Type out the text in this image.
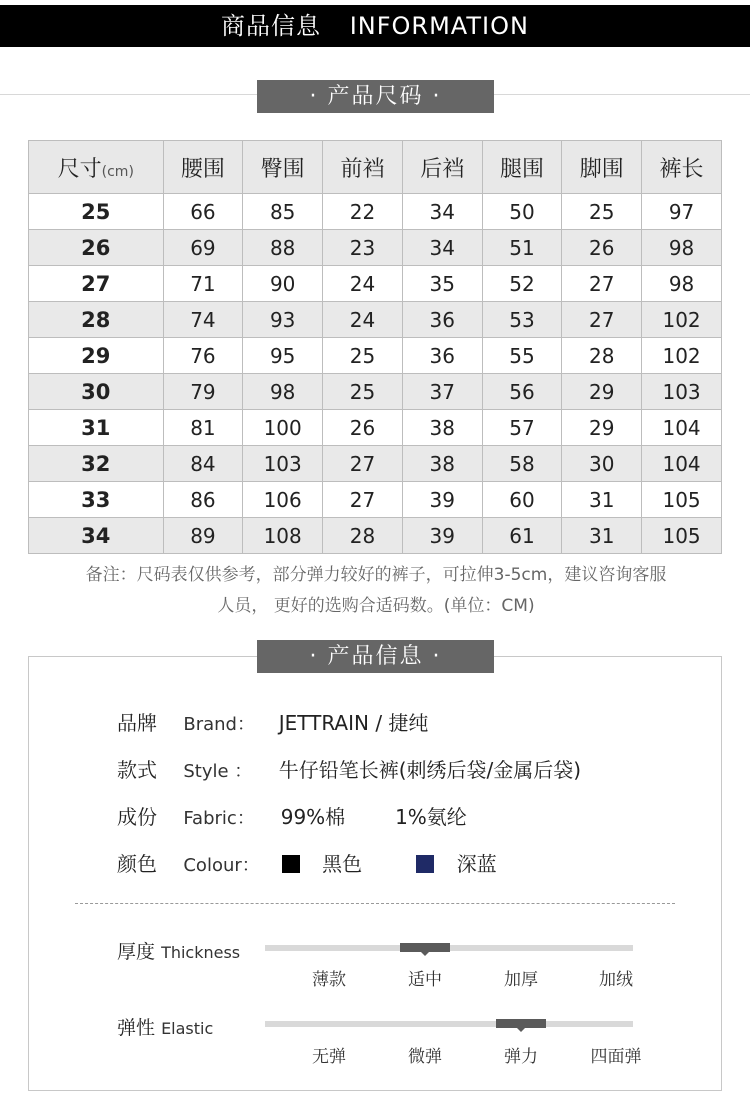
商品信息 INFORMATION
· 产品尺码 ·
尺寸(cm)	腰围	臀围	前裆	后裆	腿围	脚围	裤长
25	66	85	22	34	50	25	97
26	69	88	23	34	51	26	98
27	71	90	24	35	52	27	98
28	74	93	24	36	53	27	102
29	76	95	25	36	55	28	102
30	79	98	25	37	56	29	103
31	81	100	26	38	57	29	104
32	84	103	27	38	58	30	104
33	86	106	27	39	60	31	105
34	89	108	28	39	61	31	105
备注：尺码表仅供参考，部分弹力较好的裤子，可拉伸3-5cm，建议咨询客服
人员， 更好的选购合适码数。(单位：CM)
品牌 Brand： JETTRAIN / 捷纯
款式 Style ： 牛仔铅笔长裤(刺绣后袋/金属后袋)
成份 Fabric： 99%棉 1%氨纶
颜色 Colour：	黑色	深蓝
厚度 Thickness
薄款	适中	加厚	加绒
弹性 Elastic
无弹	微弹	弹力	四面弹
· 产品信息 ·
